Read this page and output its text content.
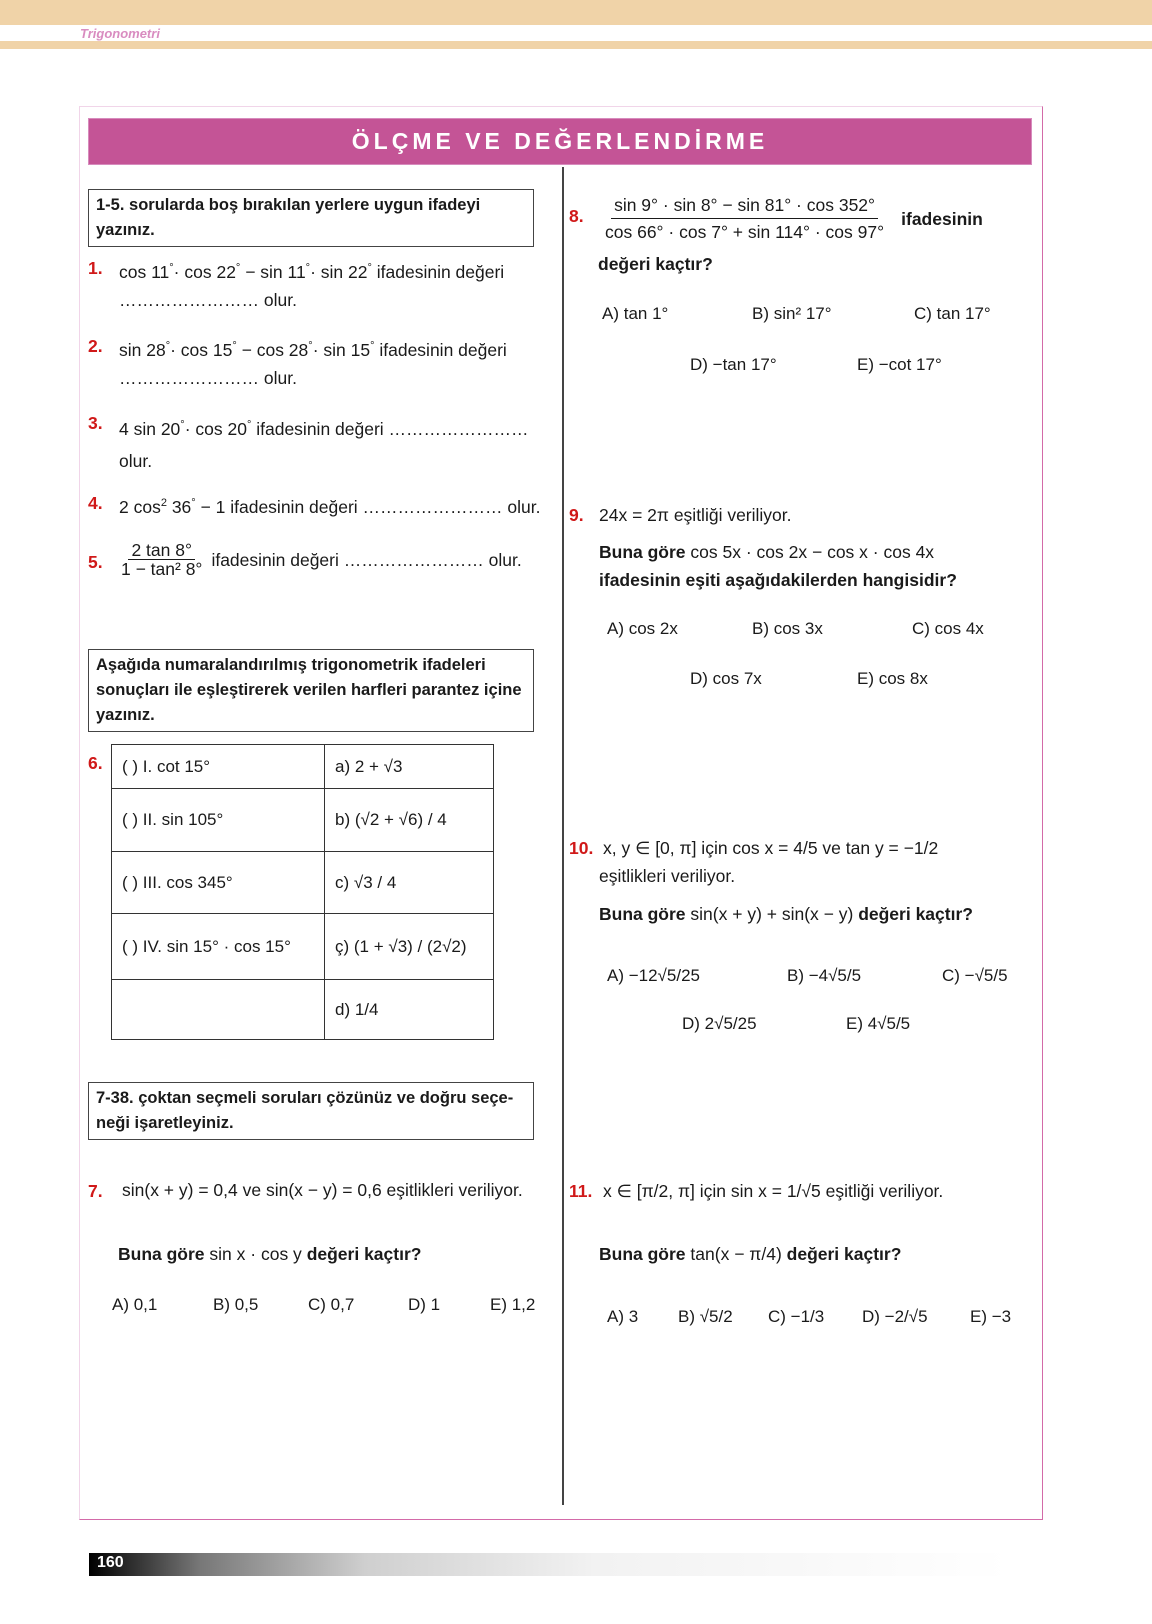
Trigonometri
ÖLÇME VE DEĞERLENDİRME
1-5. sorularda boş bırakılan yerlere uygun ifadeyi yazınız.
1. cos 11°· cos 22° − sin 11°· sin 22° ifadesinin değeri
…………………… olur.
2. sin 28°· cos 15° − cos 28°· sin 15° ifadesinin değeri
…………………… olur.
3. 4 sin 20°· cos 20° ifadesinin değeri ……………………
olur.
4. 2 $\cos^2 36^\circ - 1$ ifadesinin değeri …………………… olur.
5. $\frac{2 \tan 8^\circ}{\text{1 − tan² 8°}}$ ifadesinin değeri …………………… olur.
Aşağıda numaralandırılmış trigonometrik ifadeleri sonuçları ile eşleştirerek verilen harfleri parantez içine yazınız.
6. ( ) I. cot 15°	a) 2 + √3
( ) II. sin 105°	b) (√2 + √6) / 4
( ) III. cos 345°	c) √3 / 4
( ) IV. sin 15° · cos 15°	ç) (1 + √3) / (2√2)
	d) 1/4
7-38. çoktan seçmeli soruları çözünüz ve doğru seçe-neği işaretleyiniz.
7. sin(x + y) = 0,4 ve sin(x − y) = 0,6 eşitlikleri veriliyor.
Buna göre sin x · cos y değeri kaçtır?
A) 0,1	B) 0,5	C) 0,7	D) 1	E) 1,2
8. $\frac{\sin 9^\circ \cdot \sin 8^\circ - \sin 81^\circ \cdot \cos 352^\circ}{\cos 66^\circ \cdot \cos 7^\circ + \sin 114^\circ \cdot \cos 97^\circ}$ ifadesinin
değeri kaçtır?
A) tan 1°	B) sin² 17°	C) tan 17°
D) −tan 17°	E) −cot 17°
9. 24x = 2π eşitliği veriliyor.
Buna göre cos 5x · cos 2x − cos x · cos 4x
ifadesinin eşiti aşağıdakilerden hangisidir?
A) cos 2x	B) cos 3x	C) cos 4x
D) cos 7x	E) cos 8x
10. x, y ∈ [0, π] için cos x = 4/5 ve tan y = −1/2
eşitlikleri veriliyor.
Buna göre sin(x + y) + sin(x − y) değeri kaçtır?
A) −12√5/25	B) −4√5/5	C) −√5/5
D) 2√5/25	E) 4√5/5
11. x ∈ [π/2, π] için sin x = 1/√5 eşitliği veriliyor.
Buna göre tan(x − π/4) değeri kaçtır?
A) 3 B) √5/2 C) −1/3 D) −2/√5 E) −3
160
